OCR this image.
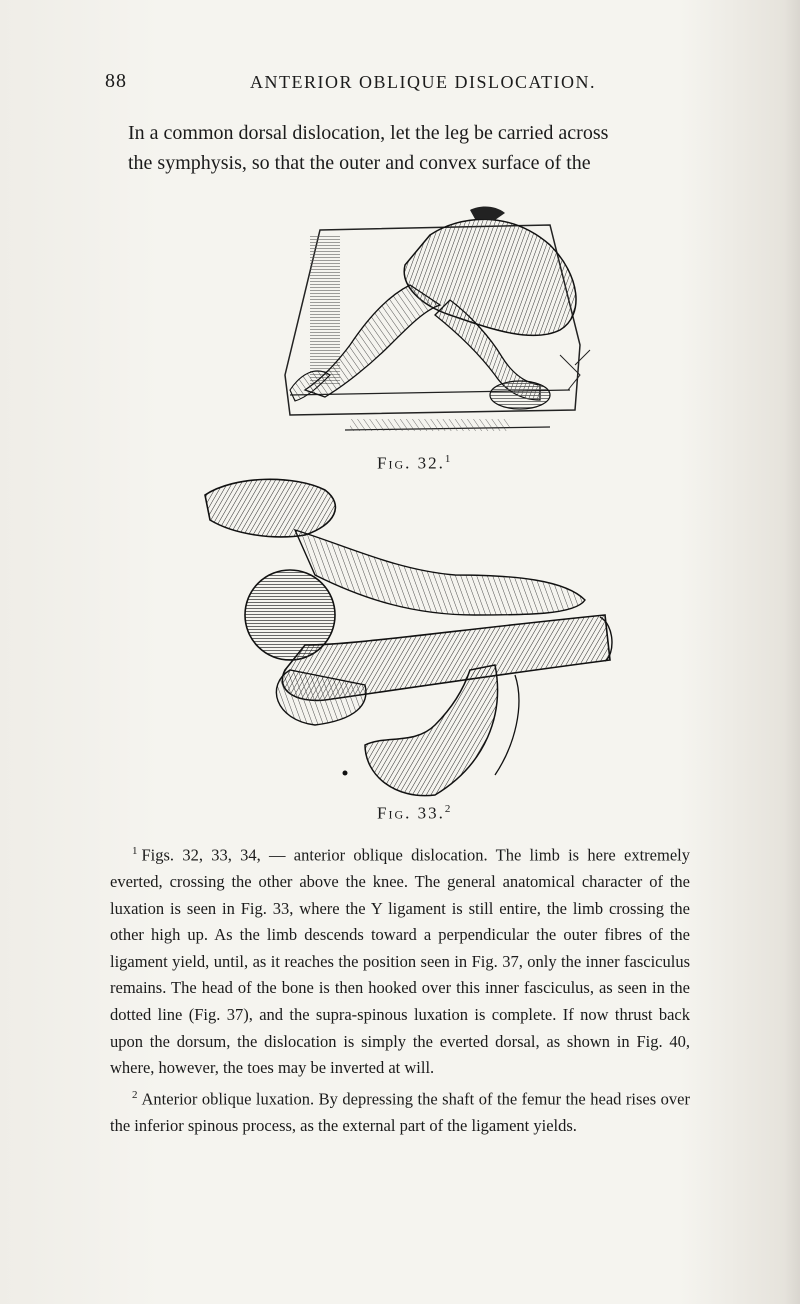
88	ANTERIOR OBLIQUE DISLOCATION.
In a common dorsal dislocation, let the leg be carried across
the symphysis, so that the outer and convex surface of the
Fig. 32.$^1$
Fig. 33.$^2$
$^1$ Figs. 32, 33, 34, — anterior oblique dislocation. The limb is here extremely everted, crossing the other above the knee. The general anatomical character of the luxation is seen in Fig. 33, where the Y ligament is still entire, the limb crossing the other high up. As the limb descends toward a perpendicular the outer fibres of the ligament yield, until, as it reaches the position seen in Fig. 37, only the inner fasciculus remains. The head of the bone is then hooked over this inner fasciculus, as seen in the dotted line (Fig. 37), and the supra-spinous luxation is complete. If now thrust back upon the dorsum, the dislocation is simply the everted dorsal, as shown in Fig. 40, where, however, the toes may be inverted at will.
$^2$ Anterior oblique luxation. By depressing the shaft of the femur the head rises over the inferior spinous process, as the external part of the ligament yields.
